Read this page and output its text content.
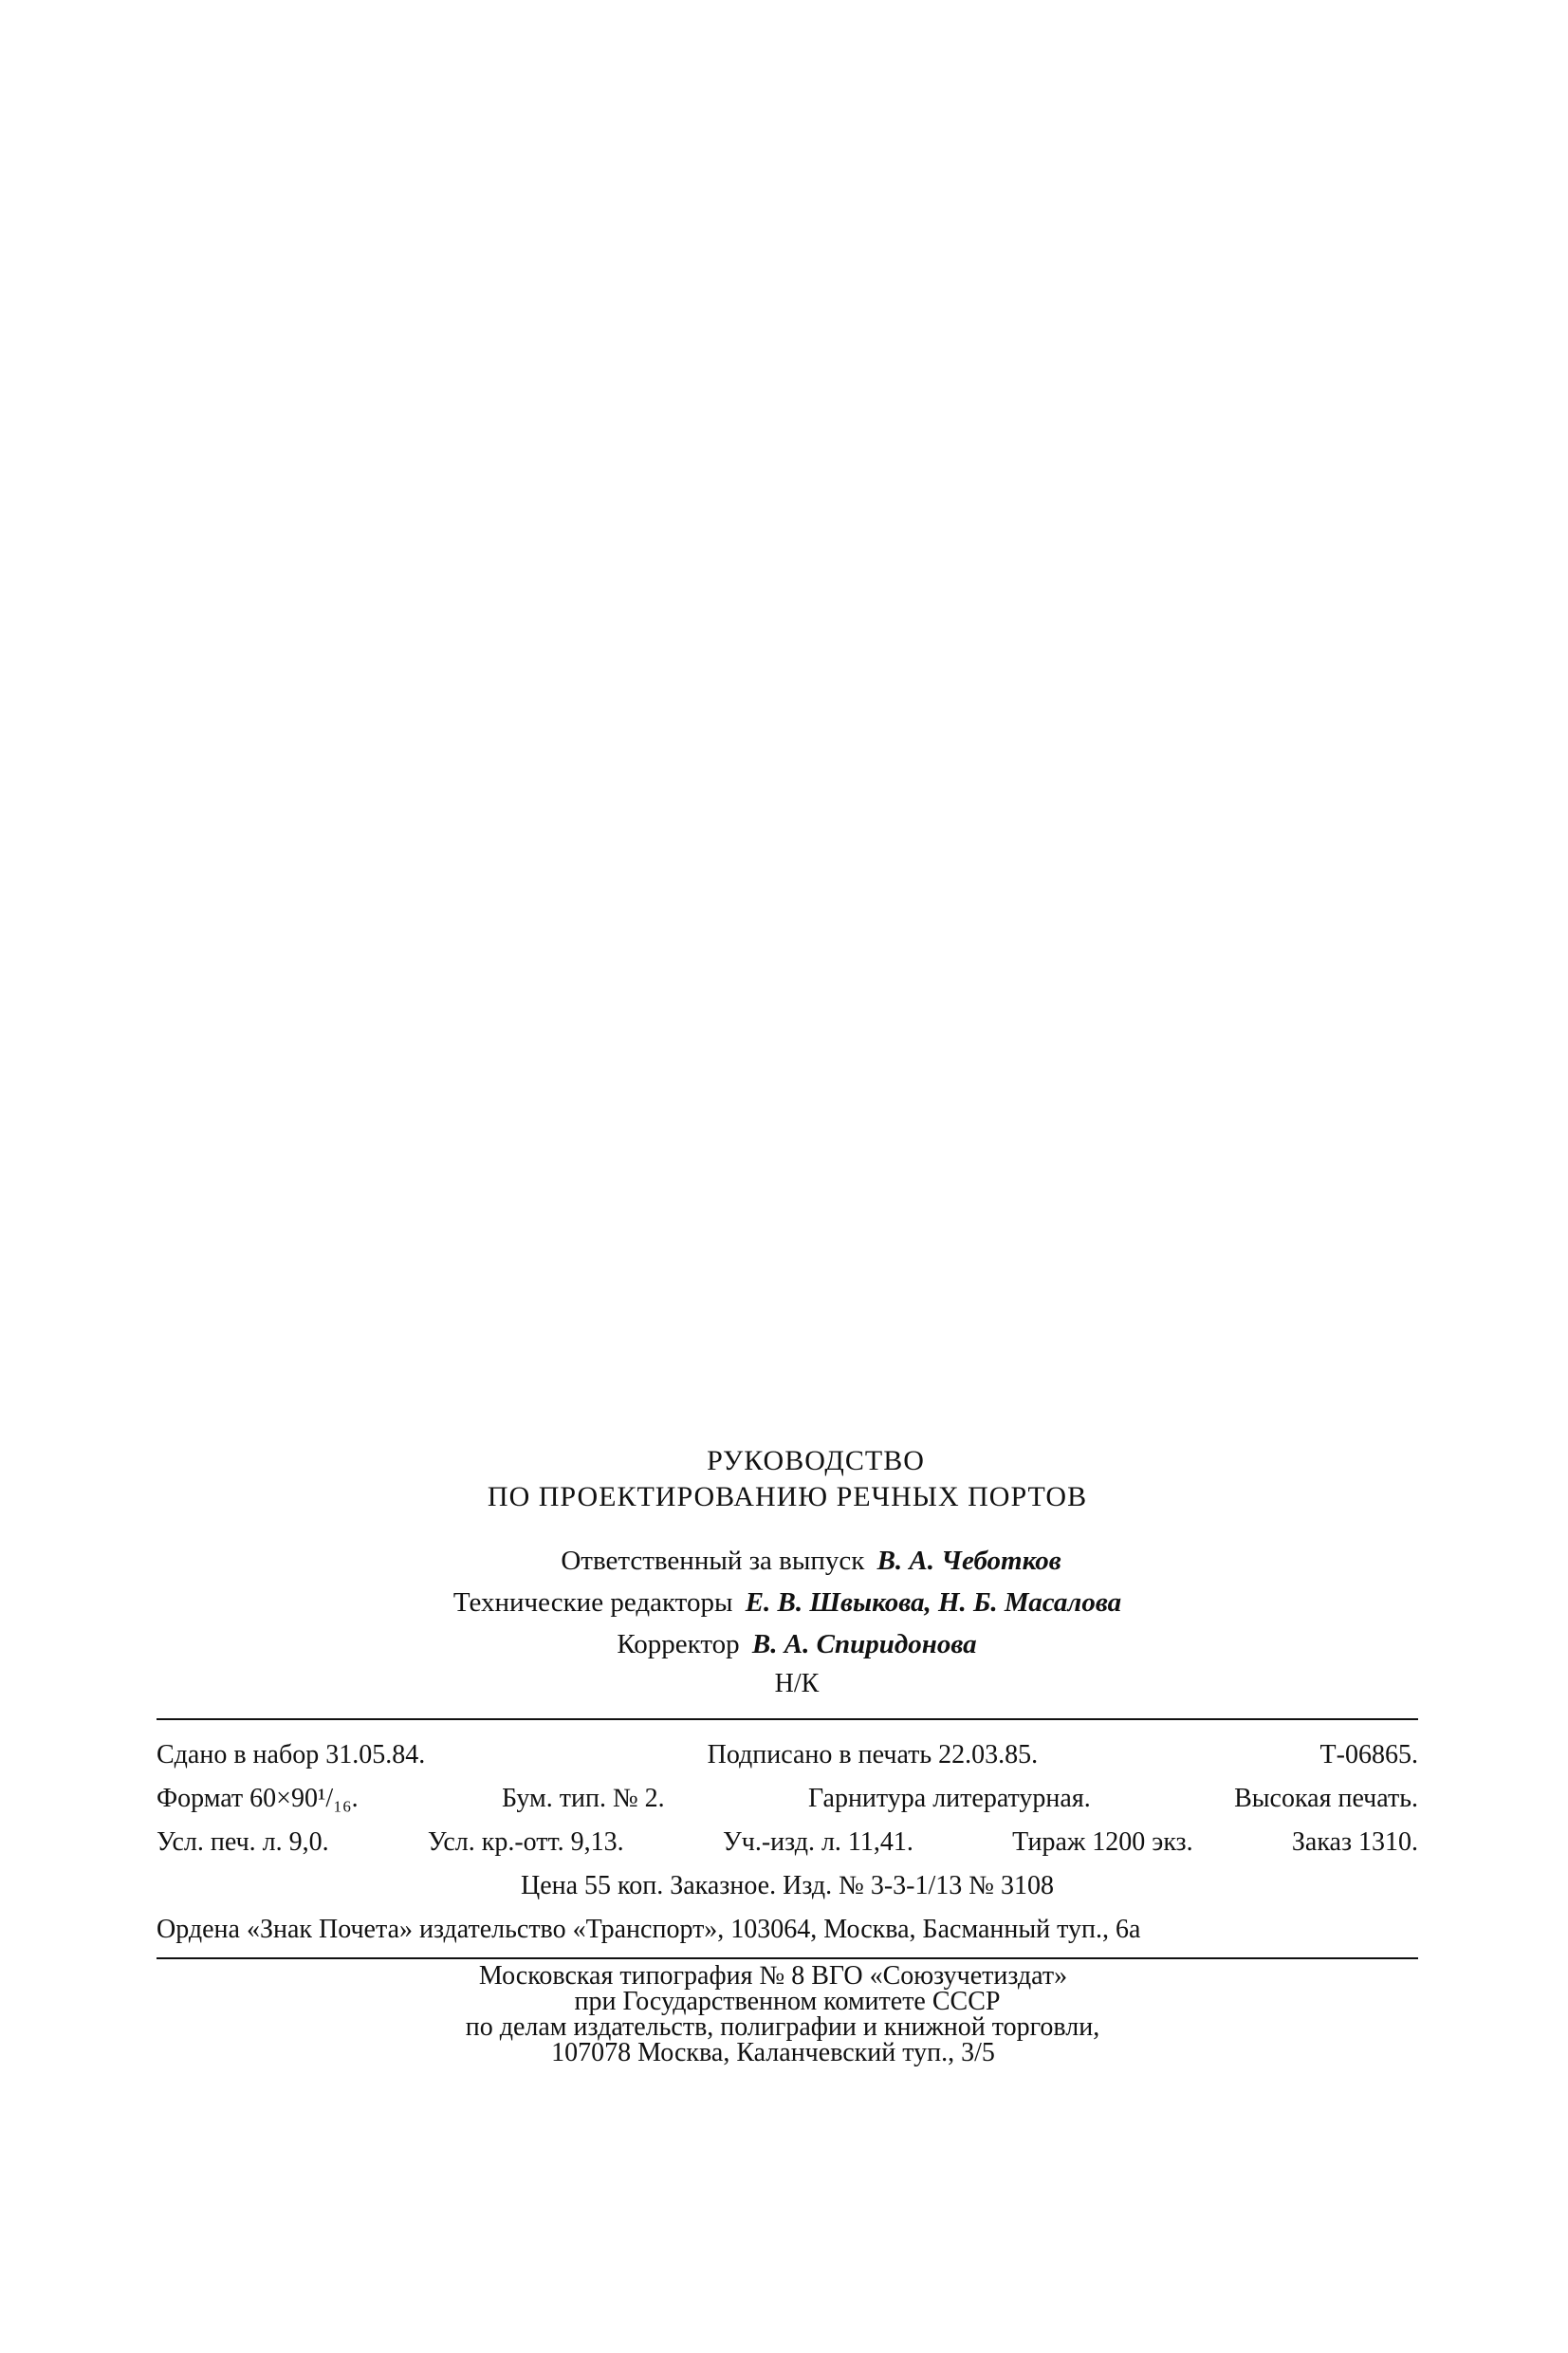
РУКОВОДСТВО
ПО ПРОЕКТИРОВАНИЮ РЕЧНЫХ ПОРТОВ
Ответственный за выпуск В. А. Чеботков
Технические редакторы Е. В. Швыкова, Н. Б. Масалова
Корректор В. А. Спиридонова
Н/К
Сдано в набор 31.05.84.	Подписано в печать 22.03.85.	Т-06865.
Формат 60×90¹/₁₆.	Бум. тип. № 2.	Гарнитура литературная.	Высокая печать.
Усл. печ. л. 9,0.	Усл. кр.-отт. 9,13.	Уч.-изд. л. 11,41.	Тираж 1200 экз.	Заказ 1310.
Цена 55 коп. Заказное. Изд. № 3-3-1/13 № 3108
Ордена «Знак Почета» издательство «Транспорт», 103064, Москва, Басманный туп., 6а
Московская типография № 8 ВГО «Союзучетиздат»
при Государственном комитете СССР
по делам издательств, полиграфии и книжной торговли,
107078 Москва, Каланчевский туп., 3/5
